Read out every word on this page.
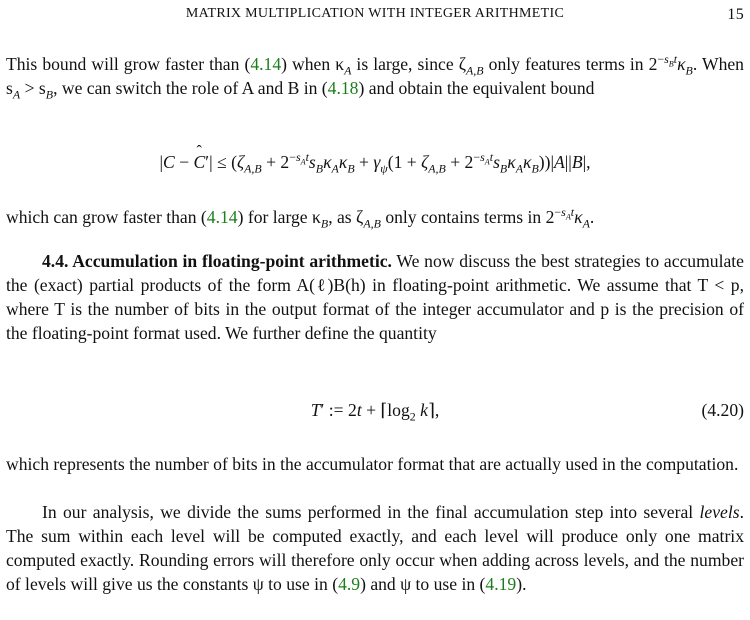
MATRIX MULTIPLICATION WITH INTEGER ARITHMETIC	15

This bound will grow faster than (4.14) when $\kappa_A$ is large, since $\zeta_{A,B}$ only features terms in $2^{-s_Bt}\kappa_B$. When $s_A > s_B$, we can switch the role of A and B in (4.18) and obtain the equivalent bound

|C − ˆ $C'| \le (\zeta_{A,B} + 2^{-s_At}s_B\kappa_A\kappa_B + \gamma_\psi(1 + \zeta_{A,B} + 2^{-s_At}s_B\kappa_A\kappa_B))|A||B|$,

which can grow faster than (4.14) for large $\kappa_B$, as $\zeta_{A,B}$ only contains terms in $2^{-s_At}\kappa_A$.

4.4. Accumulation in floating-point arithmetic. We now discuss the best strategies to accumulate the (exact) partial products of the form A(ℓ)B(h) in floating-point arithmetic. We assume that T < p, where T is the number of bits in the output format of the integer accumulator and p is the precision of the floating-point format used. We further define the quantity

T′ := $2t + ⌈\log_2$ k⌉,	(4.20)

which represents the number of bits in the accumulator format that are actually used in the computation.

In our analysis, we divide the sums performed in the final accumulation step into several levels. The sum within each level will be computed exactly, and each level will produce only one matrix computed exactly. Rounding errors will therefore only occur when adding across levels, and the number of levels will give us the constants ψ to use in (4.9) and ψ to use in (4.19).
